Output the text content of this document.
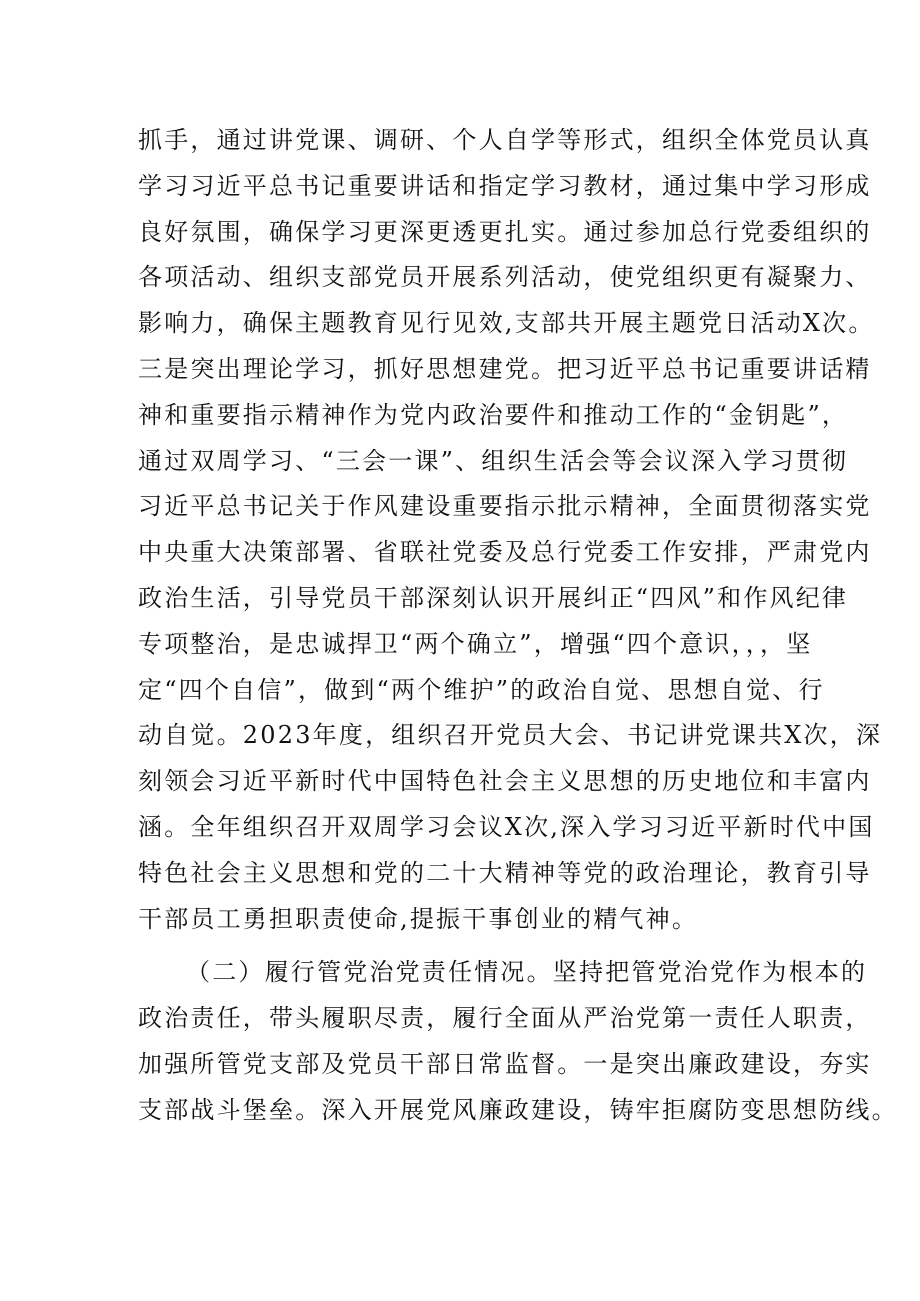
抓手，通过讲党课、调研、个人自学等形式，组织全体党员认真
学习习近平总书记重要讲话和指定学习教材，通过集中学习形成
良好氛围，确保学习更深更透更扎实。通过参加总行党委组织的
各项活动、组织支部党员开展系列活动，使党组织更有凝聚力、
影响力，确保主题教育见行见效,支部共开展主题党日活动X次。
三是突出理论学习，抓好思想建党。把习近平总书记重要讲话精
神和重要指示精神作为党内政治要件和推动工作的“金钥匙”，
通过双周学习、“三会一课”、组织生活会等会议深入学习贯彻
习近平总书记关于作风建设重要指示批示精神，全面贯彻落实党
中央重大决策部署、省联社党委及总行党委工作安排，严肃党内
政治生活，引导党员干部深刻认识开展纠正“四风”和作风纪律
专项整治，是忠诚捍卫“两个确立”，增强“四个意识，，，坚
定“四个自信”，做到“两个维护”的政治自觉、思想自觉、行
动自觉。2023年度，组织召开党员大会、书记讲党课共X次，深
刻领会习近平新时代中国特色社会主义思想的历史地位和丰富内
涵。全年组织召开双周学习会议X次,深入学习习近平新时代中国
特色社会主义思想和党的二十大精神等党的政治理论，教育引导
干部员工勇担职责使命,提振干事创业的精气神。
（二）履行管党治党责任情况。坚持把管党治党作为根本的
政治责任，带头履职尽责，履行全面从严治党第一责任人职责，
加强所管党支部及党员干部日常监督。一是突出廉政建设，夯实
支部战斗堡垒。深入开展党风廉政建设，铸牢拒腐防变思想防线。
